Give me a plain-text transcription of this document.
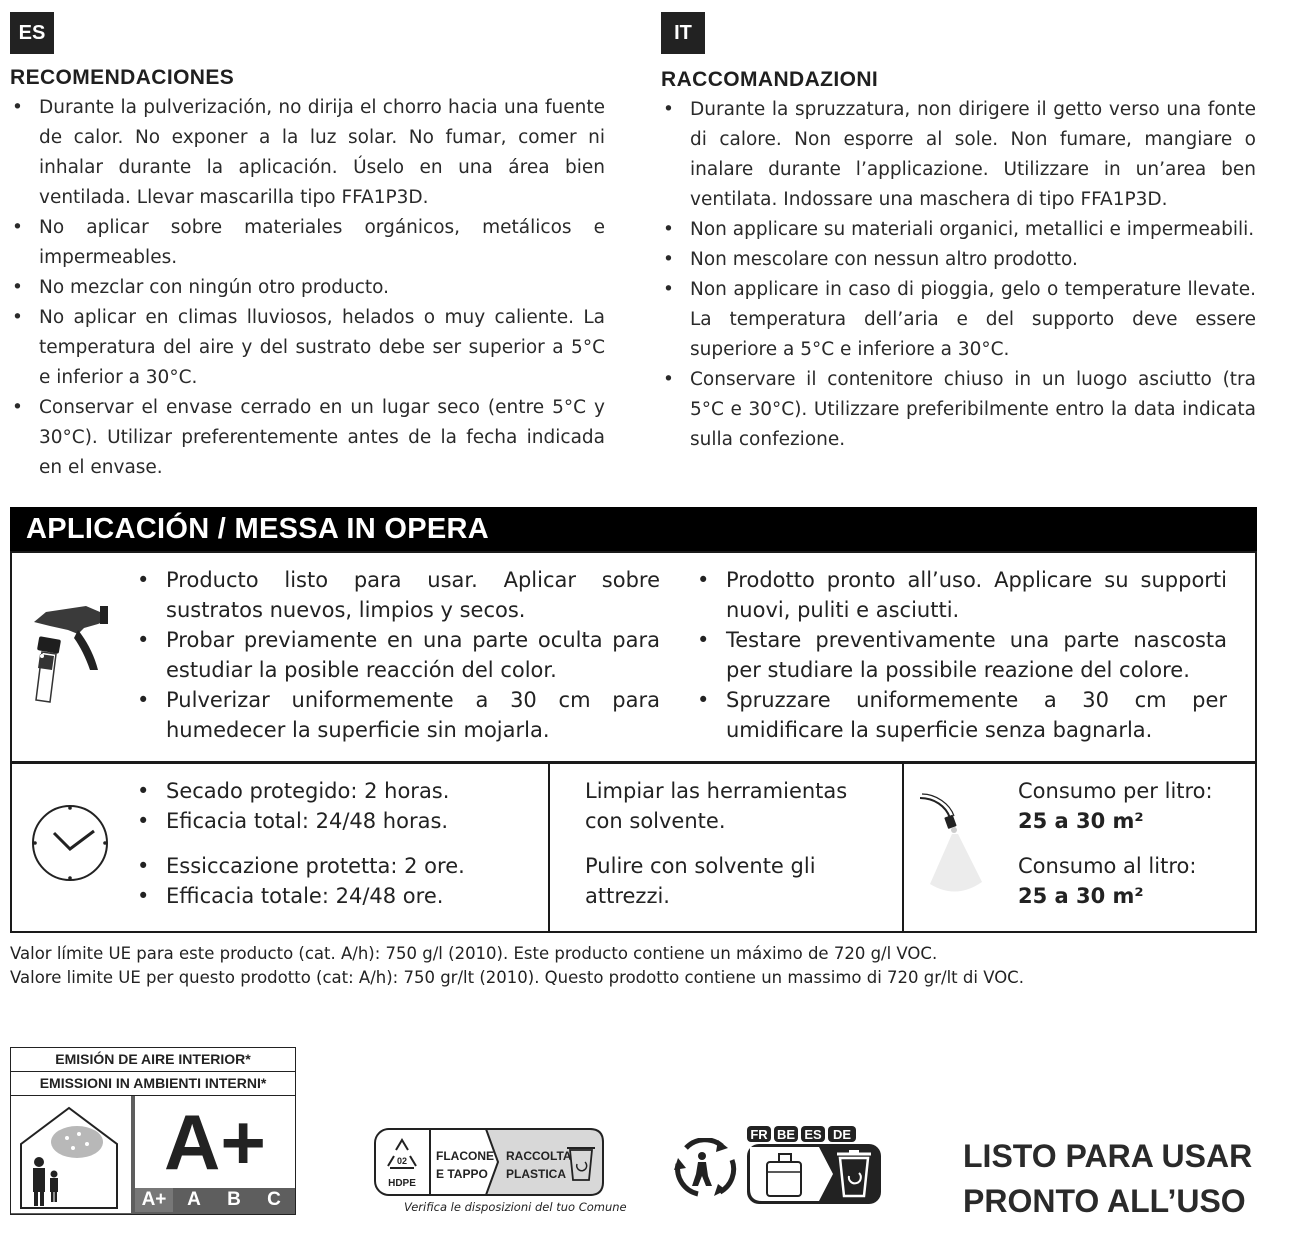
ES
RECOMENDACIONES
• Durante la pulverización, no dirija el chorro hacia una fuente de calor. No exponer a la luz solar. No fumar, comer ni inhalar durante la aplicación. Úselo en una área bien ventilada. Llevar mascarilla tipo FFA1P3D.
• No aplicar sobre materiales orgánicos, metálicos e impermeables.
• No mezclar con ningún otro producto.
• No aplicar en climas lluviosos, helados o muy caliente. La temperatura del aire y del sustrato debe ser superior a 5°C e inferior a 30°C.
• Conservar el envase cerrado en un lugar seco (entre 5°C y 30°C). Utilizar preferentemente antes de la fecha indicada en el envase.
IT
RACCOMANDAZIONI
• Durante la spruzzatura, non dirigere il getto verso una fonte di calore. Non esporre al sole. Non fumare, mangiare o inalare durante l’applicazione. Utilizzare in un’area ben ventilata. Indossare una maschera di tipo FFA1P3D.
• Non applicare su materiali organici, metallici e impermeabili.
• Non mescolare con nessun altro prodotto.
• Non applicare in caso di pioggia, gelo o temperature llevate. La temperatura dell’aria e del supporto deve essere superiore a 5°C e inferiore a 30°C.
• Conservare il contenitore chiuso in un luogo asciutto (tra 5°C e 30°C). Utilizzare preferibilmente entro la data indicata sulla confezione.
APLICACIÓN / MESSA IN OPERA
• Producto listo para usar. Aplicar sobre sustratos nuevos, limpios y secos.
• Probar previamente en una parte oculta para estudiar la posible reacción del color.
• Pulverizar uniformemente a 30 cm para humedecer la superficie sin mojarla.
• Prodotto pronto all’uso. Applicare su supporti nuovi, puliti e asciutti.
• Testare preventivamente una parte nascosta per studiare la possibile reazione del colore.
• Spruzzare uniformemente a 30 cm per umidificare la superficie senza bagnarla.
• Secado protegido: 2 horas.
• Eficacia total: 24/48 horas.
• Essiccazione protetta: 2 ore.
• Efficacia totale: 24/48 ore.
Limpiar las herramientas con solvente.
Pulire con solvente gli attrezzi.
Consumo per litro:
25 a 30 m²
Consumo al litro:
25 a 30 m²
Valor límite UE para este producto (cat. A/h): 750 g/l (2010). Este producto contiene un máximo de 720 g/l VOC.
Valore limite UE per questo prodotto (cat: A/h): 750 gr/lt (2010). Questo prodotto contiene un massimo di 720 gr/lt di VOC.
EMISIÓN DE AIRE INTERIOR*
EMISSIONI IN AMBIENTI INTERNI*
A+
A+	A	B	C
02
HDPE
FLACONE
E TAPPO
RACCOLTA
PLASTICA
Verifica le disposizioni del tuo Comune
FR BE ES DE
LISTO PARA USAR
PRONTO ALL’USO
